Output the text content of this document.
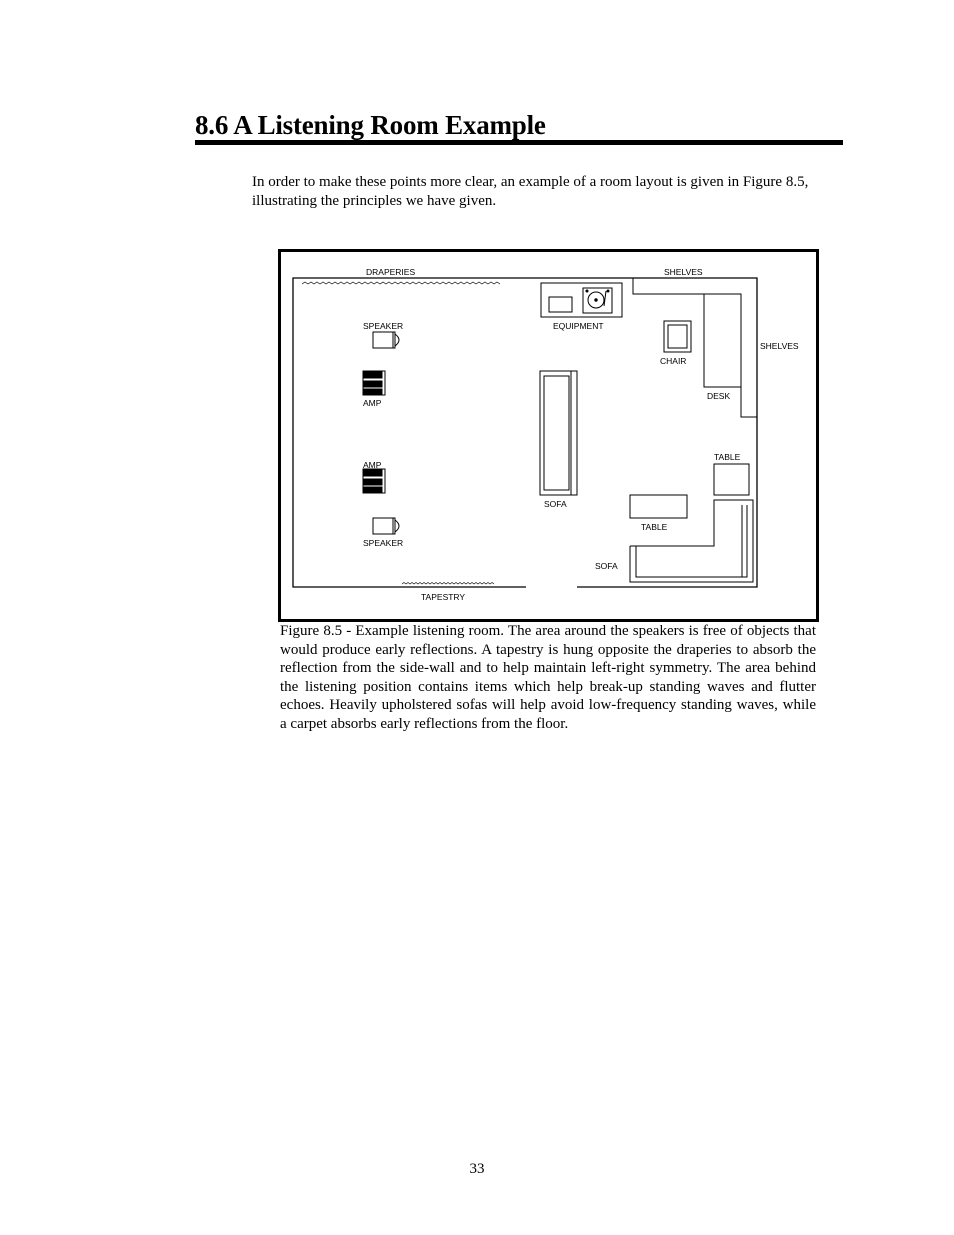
8.6 A Listening Room Example

In order to make these points more clear, an example of a room layout is given in Figure 8.5, illustrating the principles we have given.

DRAPERIES	SHELVES
SHELVES
SPEAKER	EQUIPMENT
CHAIR
AMP
DESK
TABLE
AMP
SOFA
TABLE
SPEAKER
SOFA
TAPESTRY

Figure 8.5 - Example listening room. The area around the speakers is free of objects that would produce early reflections. A tapestry is hung opposite the draperies to absorb the reflection from the side-wall and to help maintain left-right symmetry. The area behind the listening position contains items which help break-up standing waves and flutter echoes. Heavily upholstered sofas will help avoid low-frequency standing waves, while a carpet absorbs early reflections from the floor.

33
